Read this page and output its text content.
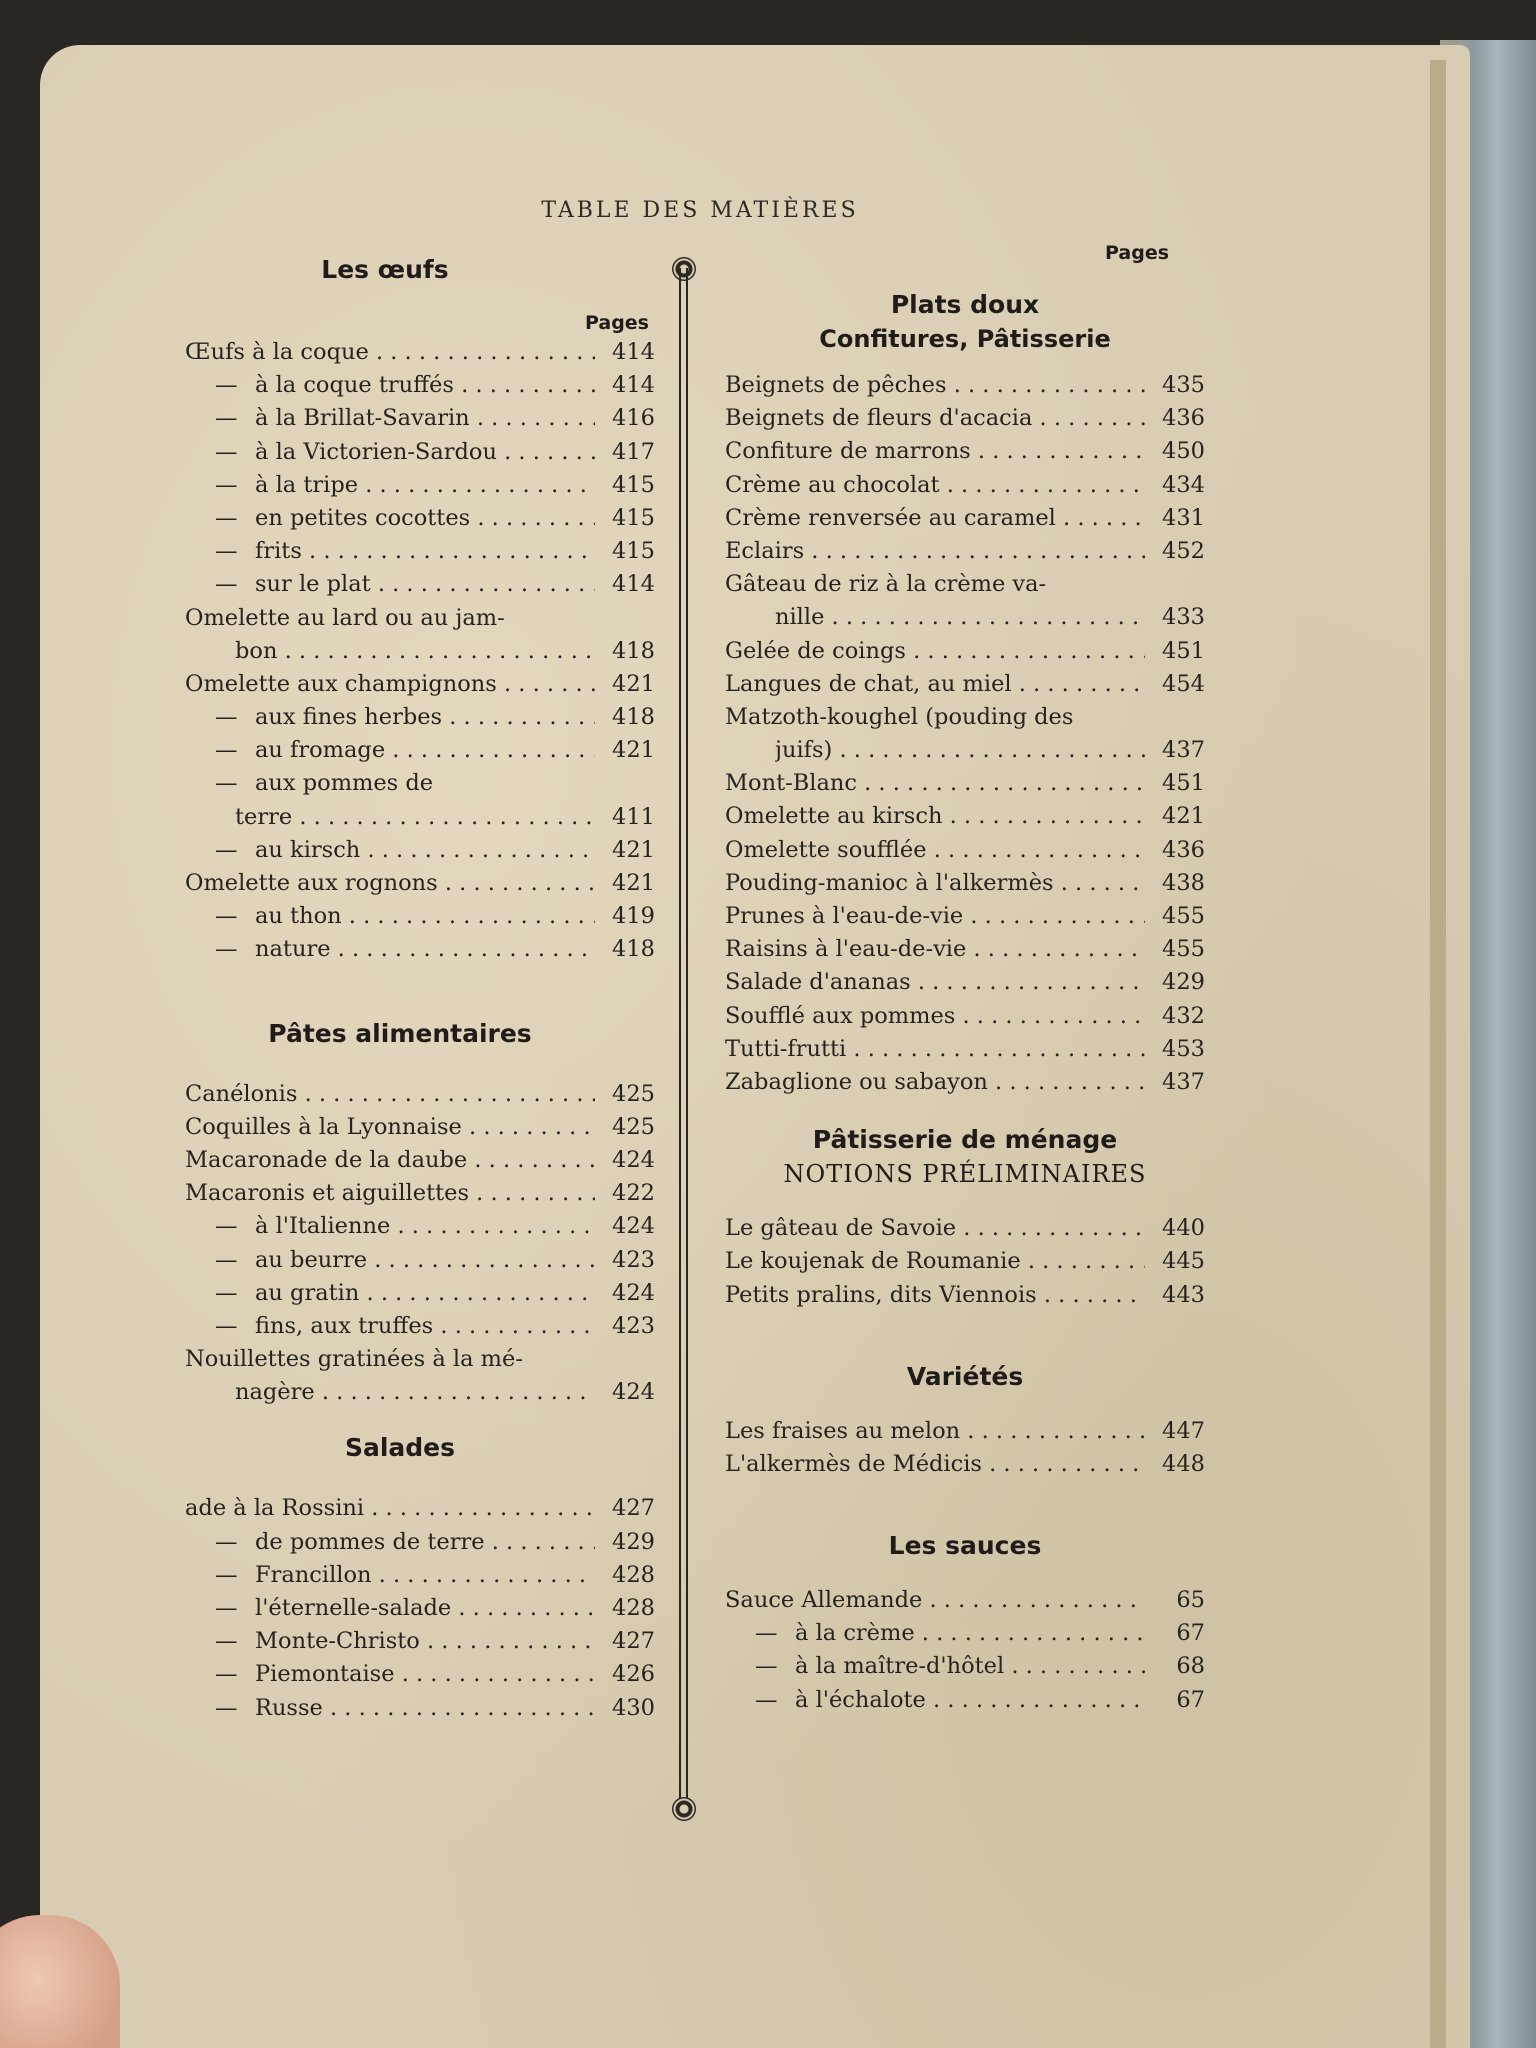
TABLE DES MATIÈRES
Pages
Les œufs
Pages
Œufs à la coque . . .	414
— à la coque truffés . . .	414
— à la Brillat-Savarin . . .	416
— à la Victorien-Sardou . . .	417
— à la tripe . . .	415
— en petites cocottes . . .	415
— frits . . .	415
— sur le plat . . .	414
Omelette au lard ou au jam-
bon . . .	418
Omelette aux champignons . . .	421
— aux fines herbes . . .	418
— au fromage . . .	421
— aux pommes de
terre . . .	411
— au kirsch . . .	421
Omelette aux rognons . . .	421
— au thon . . .	419
— nature . . .	418
Pâtes alimentaires
Canélonis . . .	425
Coquilles à la Lyonnaise . . .	425
Macaronade de la daube . . .	424
Macaronis et aiguillettes . . .	422
— à l'Italienne . . .	424
— au beurre . . .	423
— au gratin . . .	424
— fins, aux truffes . . .	423
Nouillettes gratinées à la mé-
nagère . . .	424
Salades
ade à la Rossini . . .	427
— de pommes de terre . . .	429
— Francillon . . .	428
— l'éternelle-salade . . .	428
— Monte-Christo . . .	427
— Piemontaise . . .	426
— Russe . . .	430
Plats doux
Confitures, Pâtisserie
Beignets de pêches . . .	435
Beignets de fleurs d'acacia . . .	436
Confiture de marrons . . .	450
Crème au chocolat . . .	434
Crème renversée au caramel . . .	431
Eclairs . . .	452
Gâteau de riz à la crème va-
nille . . .	433
Gelée de coings . . .	451
Langues de chat, au miel . . .	454
Matzoth-koughel (pouding des
juifs) . . .	437
Mont-Blanc . . .	451
Omelette au kirsch . . .	421
Omelette soufflée . . .	436
Pouding-manioc à l'alkermès . . .	438
Prunes à l'eau-de-vie . . .	455
Raisins à l'eau-de-vie . . .	455
Salade d'ananas . . .	429
Soufflé aux pommes . . .	432
Tutti-frutti . . .	453
Zabaglione ou sabayon . . .	437
Pâtisserie de ménage
NOTIONS PRÉLIMINAIRES
Le gâteau de Savoie . . .	440
Le koujenak de Roumanie . . .	445
Petits pralins, dits Viennois . . .	443
Variétés
Les fraises au melon . . .	447
L'alkermès de Médicis . . .	448
Les sauces
Sauce Allemande . . .	65
— à la crème . . .	67
— à la maître-d'hôtel . . .	68
— à l'échalote . . .	67
